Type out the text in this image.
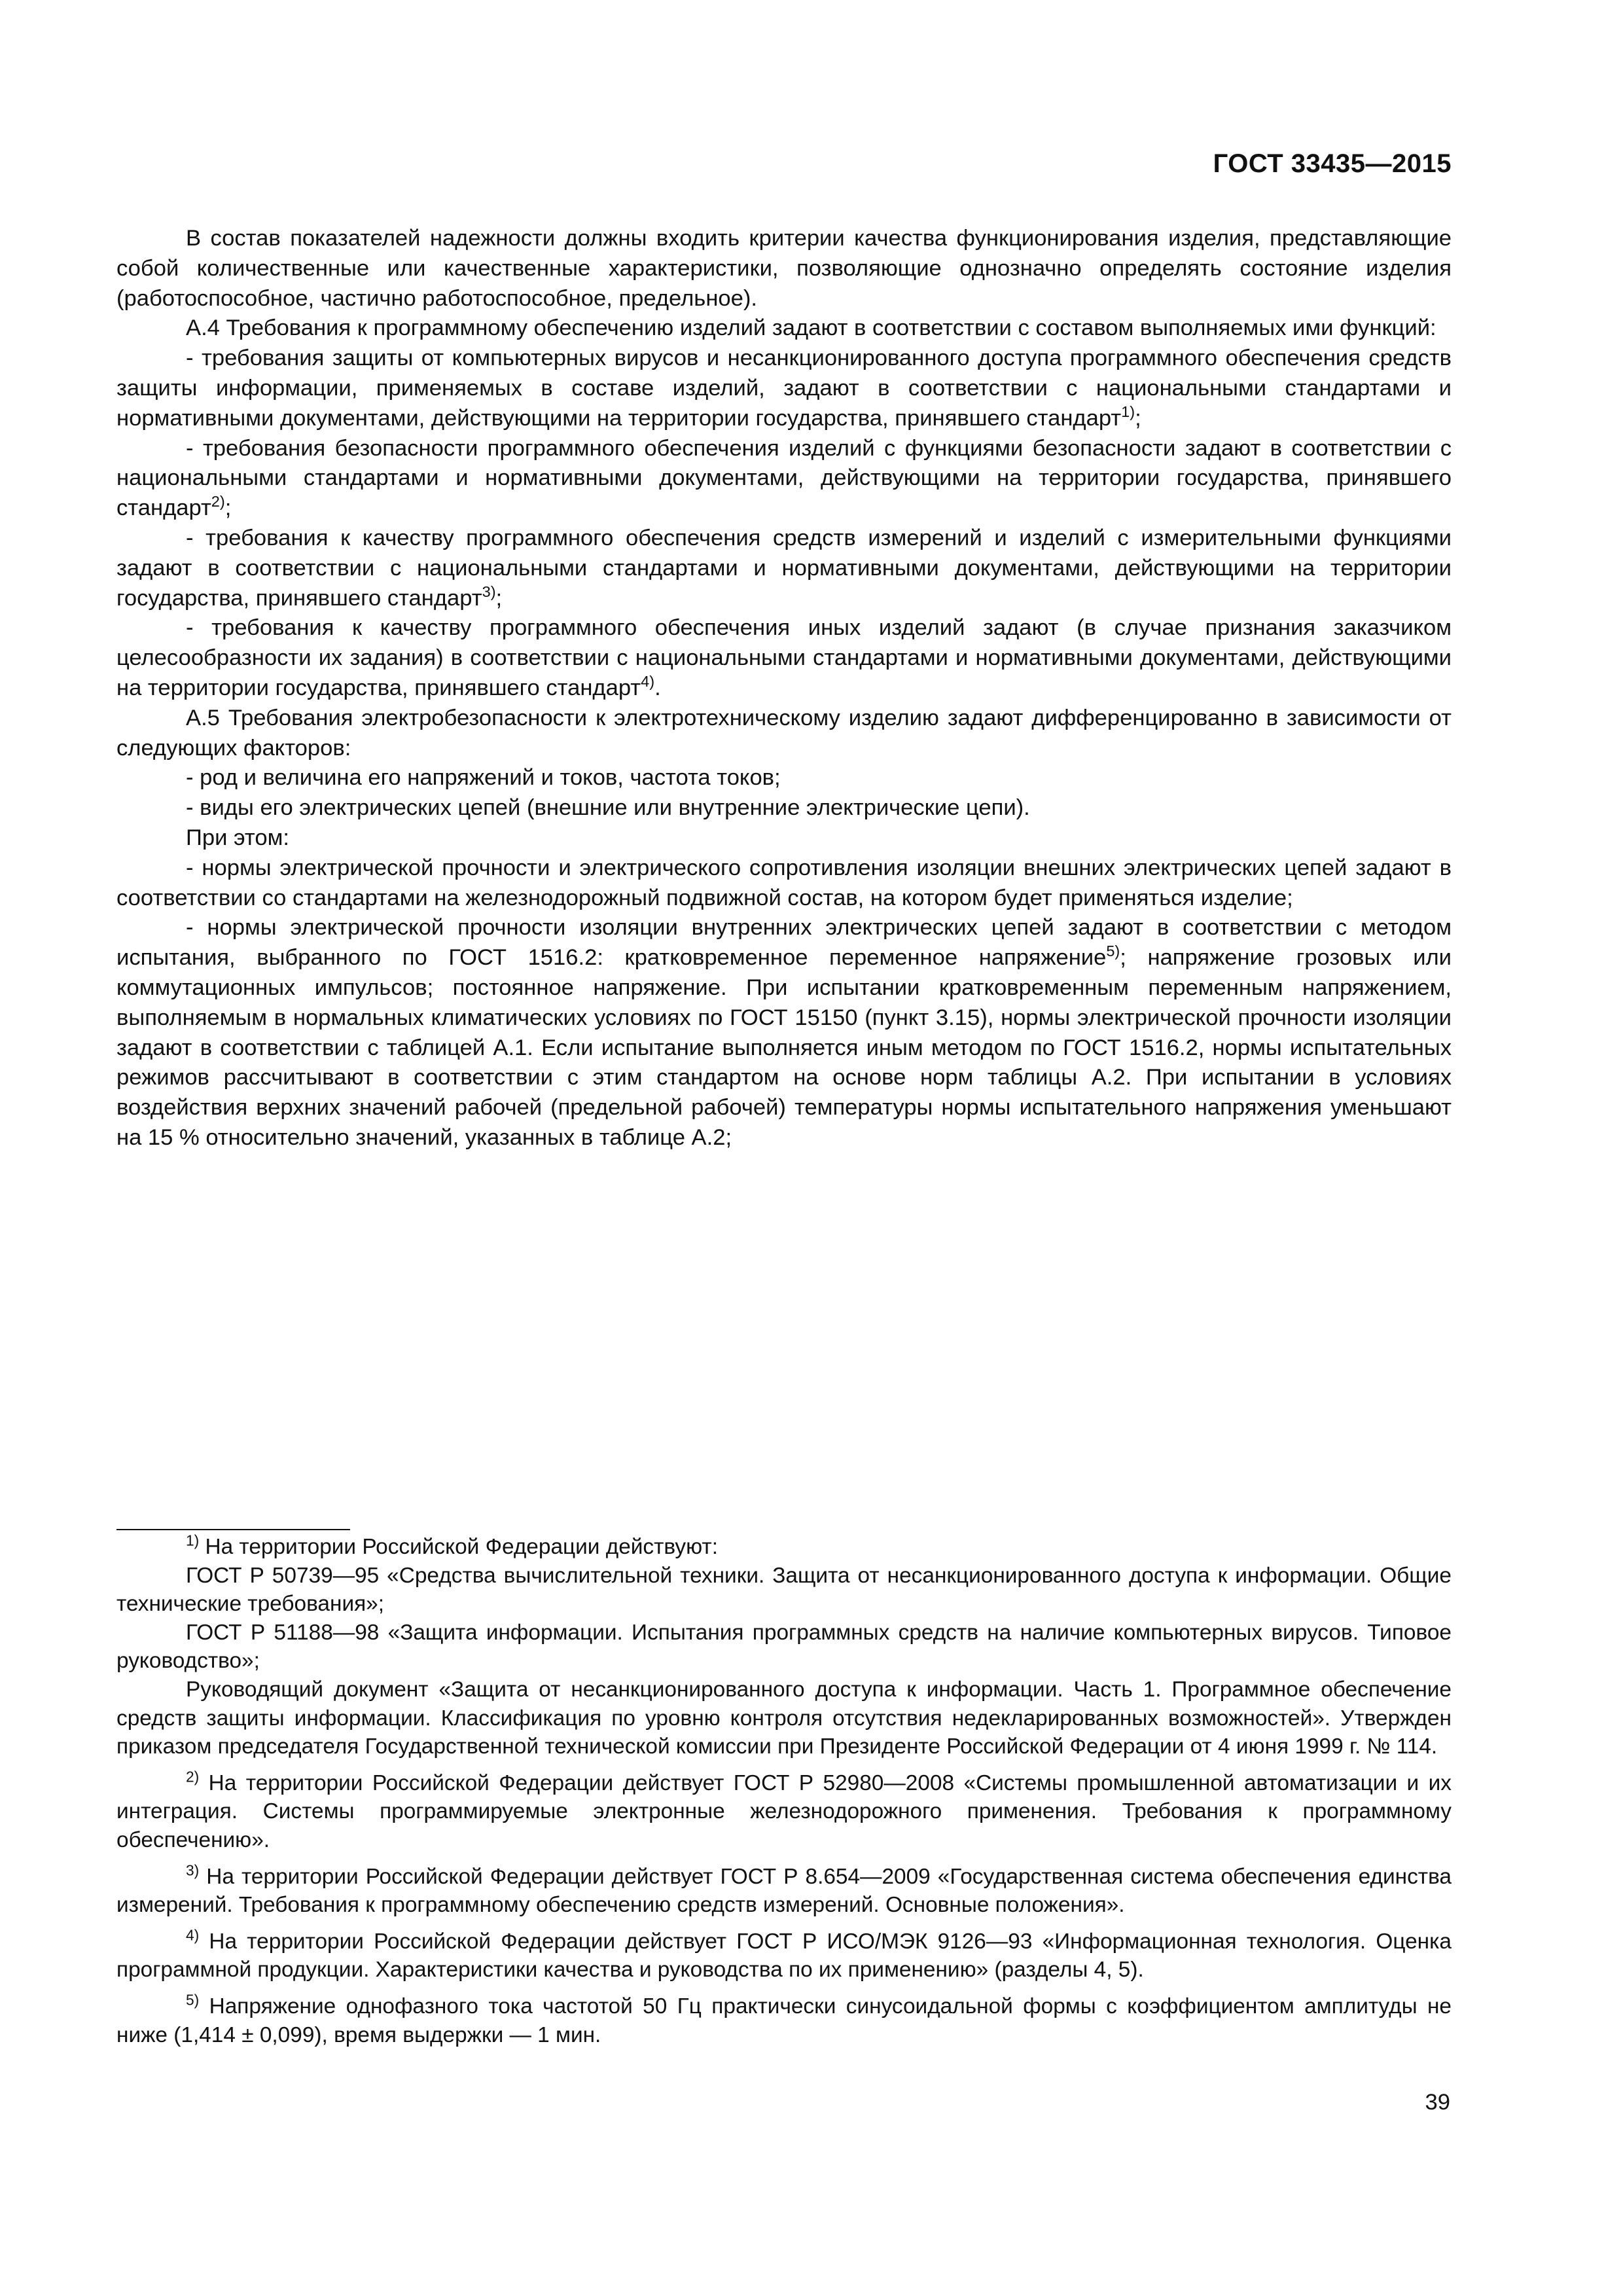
ГОСТ 33435—2015

В состав показателей надежности должны входить критерии качества функционирования изделия, представляющие собой количественные или качественные характеристики, позволяющие однозначно определять состояние изделия (работоспособное, частично работоспособное, предельное).

А.4 Требования к программному обеспечению изделий задают в соответствии с составом выполняемых ими функций:

- требования защиты от компьютерных вирусов и несанкционированного доступа программного обеспечения средств защиты информации, применяемых в составе изделий, задают в соответствии с национальными стандартами и нормативными документами, действующими на территории государства, принявшего стандарт$^{1)}$;

- требования безопасности программного обеспечения изделий с функциями безопасности задают в соответствии с национальными стандартами и нормативными документами, действующими на территории государства, принявшего стандарт$^{2)}$;

- требования к качеству программного обеспечения средств измерений и изделий с измерительными функциями задают в соответствии с национальными стандартами и нормативными документами, действующими на территории государства, принявшего стандарт$^{3)}$;

- требования к качеству программного обеспечения иных изделий задают (в случае признания заказчиком целесообразности их задания) в соответствии с национальными стандартами и нормативными документами, действующими на территории государства, принявшего стандарт$^{4)}$.

А.5 Требования электробезопасности к электротехническому изделию задают дифференцированно в зависимости от следующих факторов:

- род и величина его напряжений и токов, частота токов;

- виды его электрических цепей (внешние или внутренние электрические цепи).

При этом:

- нормы электрической прочности и электрического сопротивления изоляции внешних электрических цепей задают в соответствии со стандартами на железнодорожный подвижной состав, на котором будет применяться изделие;

- нормы электрической прочности изоляции внутренних электрических цепей задают в соответствии с методом испытания, выбранного по ГОСТ 1516.2: кратковременное переменное напряжение$^{5)}$; напряжение грозовых или коммутационных импульсов; постоянное напряжение. При испытании кратковременным переменным напряжением, выполняемым в нормальных климатических условиях по ГОСТ 15150 (пункт 3.15), нормы электрической прочности изоляции задают в соответствии с таблицей А.1. Если испытание выполняется иным методом по ГОСТ 1516.2, нормы испытательных режимов рассчитывают в соответствии с этим стандартом на основе норм таблицы А.2. При испытании в условиях воздействия верхних значений рабочей (предельной рабочей) температуры нормы испытательного напряжения уменьшают на 15 % относительно значений, указанных в таблице А.2;

$^{1)}$ На территории Российской Федерации действуют:

ГОСТ Р 50739—95 «Средства вычислительной техники. Защита от несанкционированного доступа к информации. Общие технические требования»;

ГОСТ Р 51188—98 «Защита информации. Испытания программных средств на наличие компьютерных вирусов. Типовое руководство»;

Руководящий документ «Защита от несанкционированного доступа к информации. Часть 1. Программное обеспечение средств защиты информации. Классификация по уровню контроля отсутствия недекларированных возможностей». Утвержден приказом председателя Государственной технической комиссии при Президенте Российской Федерации от 4 июня 1999 г. № 114.

$^{2)}$ На территории Российской Федерации действует ГОСТ Р 52980—2008 «Системы промышленной автоматизации и их интеграция. Системы программируемые электронные железнодорожного применения. Требования к программному обеспечению».

$^{3)}$ На территории Российской Федерации действует ГОСТ Р 8.654—2009 «Государственная система обеспечения единства измерений. Требования к программному обеспечению средств измерений. Основные положения».

$^{4)}$ На территории Российской Федерации действует ГОСТ Р ИСО/МЭК 9126—93 «Информационная технология. Оценка программной продукции. Характеристики качества и руководства по их применению» (разделы 4, 5).

$^{5)}$ Напряжение однофазного тока частотой 50 Гц практически синусоидальной формы с коэффициентом амплитуды не ниже (1,414 ± 0,099), время выдержки — 1 мин.

39
